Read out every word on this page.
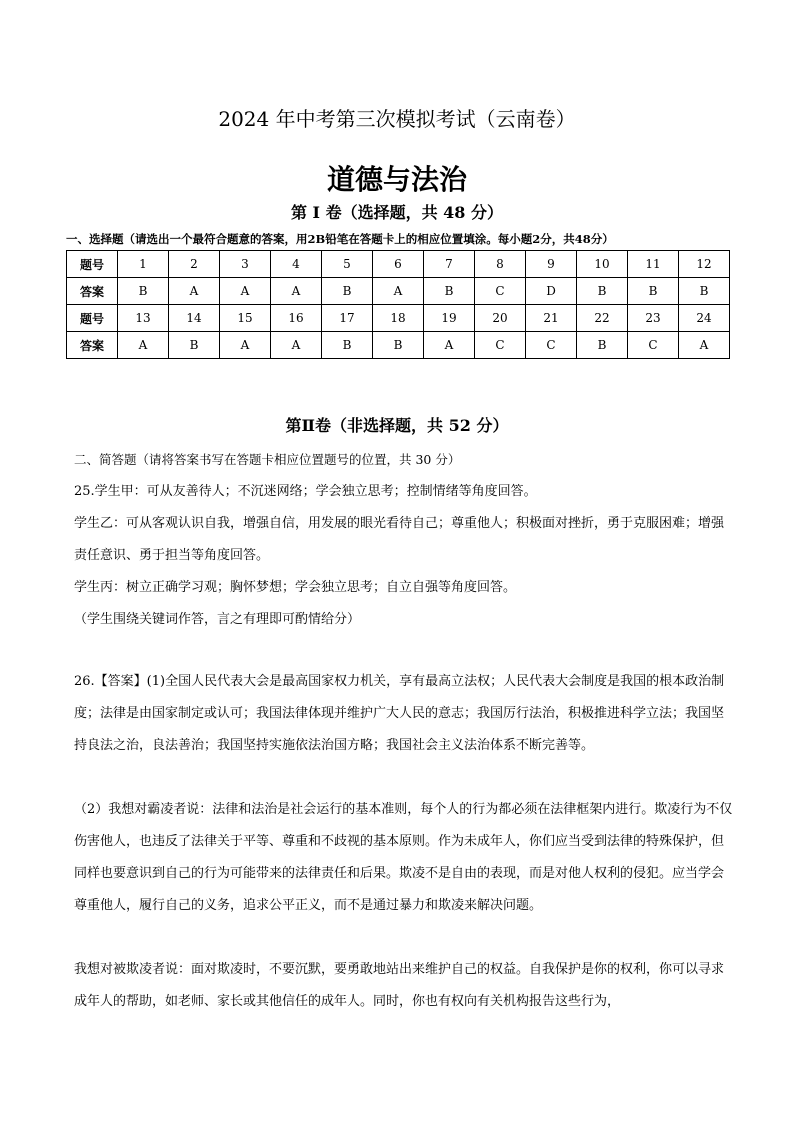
2024 年中考第三次模拟考试（云南卷）
道德与法治
第 I 卷（选择题，共 48 分）
一、选择题（请选出一个最符合题意的答案，用2B铅笔在答题卡上的相应位置填涂。每小题2分，共48分）
题号	1	2	3	4	5	6	7	8	9	10	11	12
答案	B	A	A	A	B	A	B	C	D	B	B	B
题号	13	14	15	16	17	18	19	20	21	22	23	24
答案	A	B	A	A	B	B	A	C	C	B	C	A
第Ⅱ卷（非选择题，共 52 分）
二、简答题（请将答案书写在答题卡相应位置题号的位置，共 30 分）
25.学生甲：可从友善待人；不沉迷网络；学会独立思考；控制情绪等角度回答。
学生乙：可从客观认识自我，增强自信，用发展的眼光看待自己；尊重他人；积极面对挫折，勇于克服困难；增强责任意识、勇于担当等角度回答。
学生丙：树立正确学习观；胸怀梦想；学会独立思考；自立自强等角度回答。
（学生围绕关键词作答，言之有理即可酌情给分）
26.【答案】(1)全国人民代表大会是最高国家权力机关，享有最高立法权；人民代表大会制度是我国的根本政治制度；法律是由国家制定或认可；我国法律体现并维护广大人民的意志；我国厉行法治，积极推进科学立法；我国坚持良法之治，良法善治；我国坚持实施依法治国方略；我国社会主义法治体系不断完善等。
（2）我想对霸凌者说：法律和法治是社会运行的基本准则，每个人的行为都必须在法律框架内进行。欺凌行为不仅伤害他人，也违反了法律关于平等、尊重和不歧视的基本原则。作为未成年人，你们应当受到法律的特殊保护，但同样也要意识到自己的行为可能带来的法律责任和后果。欺凌不是自由的表现，而是对他人权利的侵犯。应当学会尊重他人，履行自己的义务，追求公平正义，而不是通过暴力和欺凌来解决问题。
我想对被欺凌者说：面对欺凌时，不要沉默，要勇敢地站出来维护自己的权益。自我保护是你的权利，你可以寻求成年人的帮助，如老师、家长或其他信任的成年人。同时，你也有权向有关机构报告这些行为，
